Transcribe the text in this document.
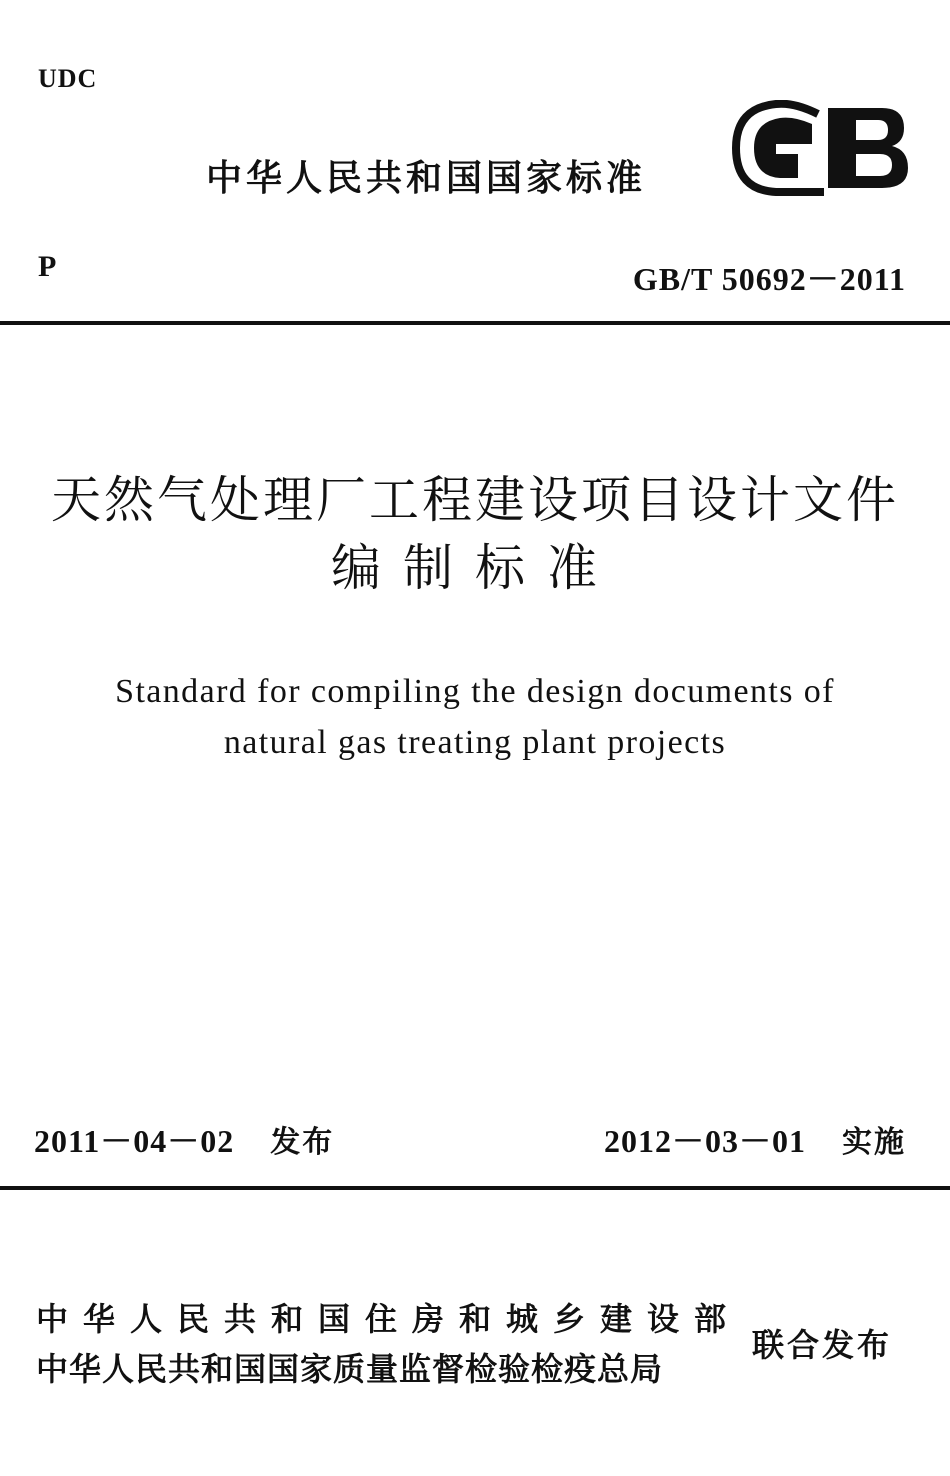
UDC
中华人民共和国国家标准
P	GB/T 50692－2011
天然气处理厂工程建设项目设计文件
编制标准
Standard for compiling the design documents of
natural gas treating plant projects
2011－04－02 发布	2012－03－01 实施
中华人民共和国住房和城乡建设部
中华人民共和国国家质量监督检验检疫总局
联合发布
